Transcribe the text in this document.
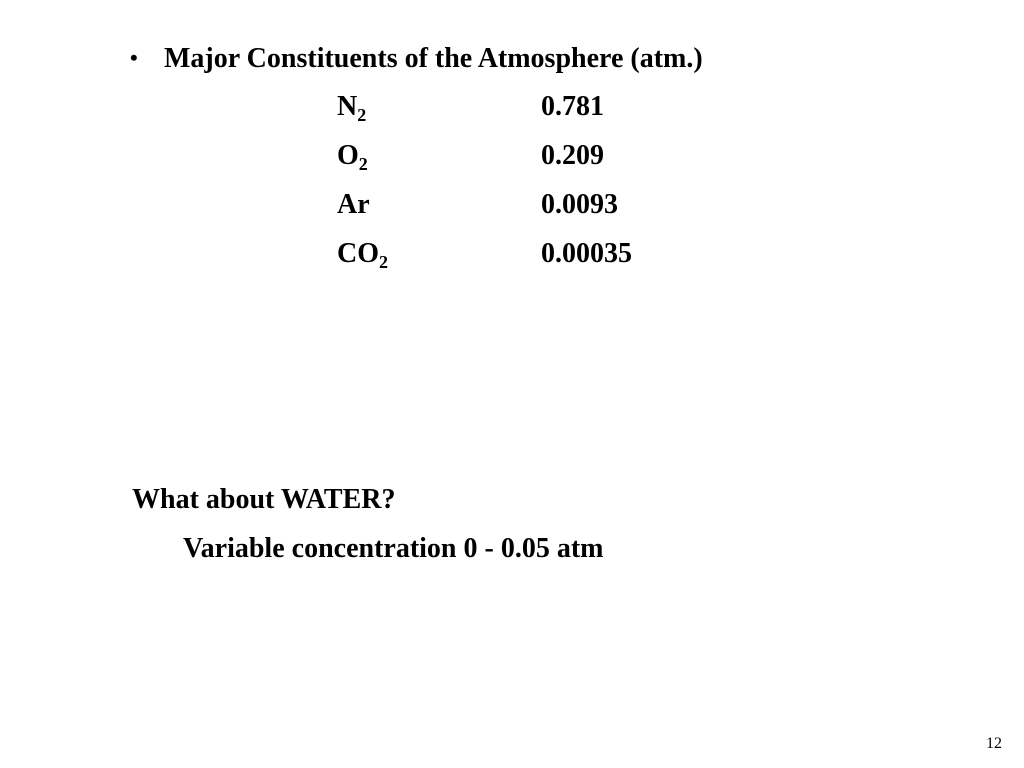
• Major Constituents of the Atmosphere (atm.)
$N_2$	0.781
$O_2$	0.209
Ar	0.0093
$CO_2$	0.00035
What about WATER?
Variable concentration 0 - 0.05 atm
12
